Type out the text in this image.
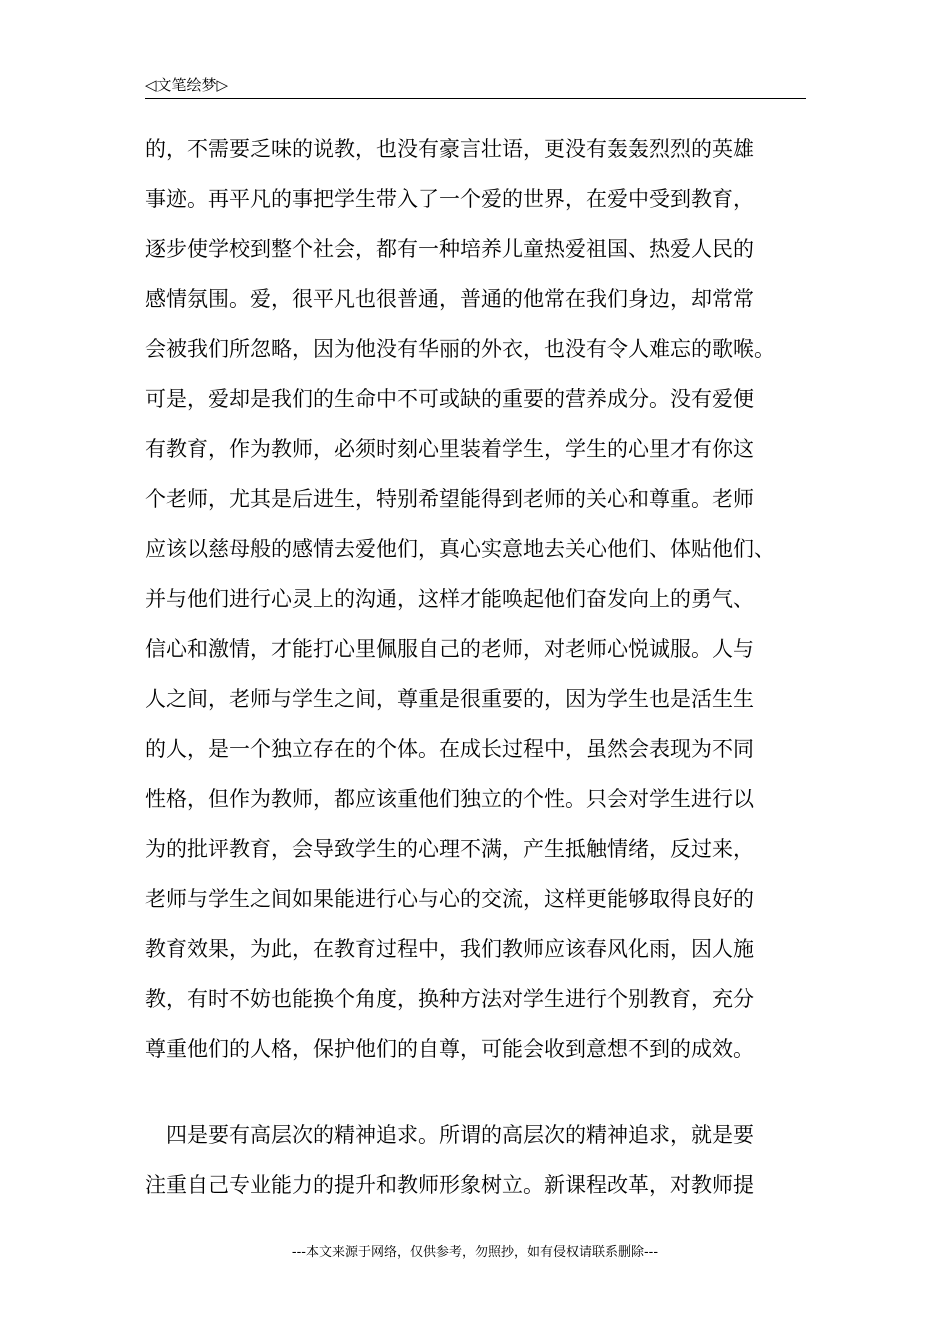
◁文笔绘梦▷
的，不需要乏味的说教，也没有豪言壮语，更没有轰轰烈烈的英雄
事迹。再平凡的事把学生带入了一个爱的世界，在爱中受到教育，
逐步使学校到整个社会，都有一种培养儿童热爱祖国、热爱人民的
感情氛围。爱，很平凡也很普通，普通的他常在我们身边，却常常
会被我们所忽略，因为他没有华丽的外衣，也没有令人难忘的歌喉。
可是，爱却是我们的生命中不可或缺的重要的营养成分。没有爱便
有教育，作为教师，必须时刻心里装着学生，学生的心里才有你这
个老师，尤其是后进生，特别希望能得到老师的关心和尊重。老师
应该以慈母般的感情去爱他们，真心实意地去关心他们、体贴他们、
并与他们进行心灵上的沟通，这样才能唤起他们奋发向上的勇气、
信心和激情，才能打心里佩服自己的老师，对老师心悦诚服。人与
人之间，老师与学生之间，尊重是很重要的，因为学生也是活生生
的人，是一个独立存在的个体。在成长过程中，虽然会表现为不同
性格，但作为教师，都应该重他们独立的个性。只会对学生进行以
为的批评教育，会导致学生的心理不满，产生抵触情绪，反过来，
老师与学生之间如果能进行心与心的交流，这样更能够取得良好的
教育效果，为此，在教育过程中，我们教师应该春风化雨，因人施
教，有时不妨也能换个角度，换种方法对学生进行个别教育，充分
尊重他们的人格，保护他们的自尊，可能会收到意想不到的成效。
　四是要有高层次的精神追求。所谓的高层次的精神追求，就是要
注重自己专业能力的提升和教师形象树立。新课程改革，对教师提
---本文来源于网络，仅供参考，勿照抄，如有侵权请联系删除---
